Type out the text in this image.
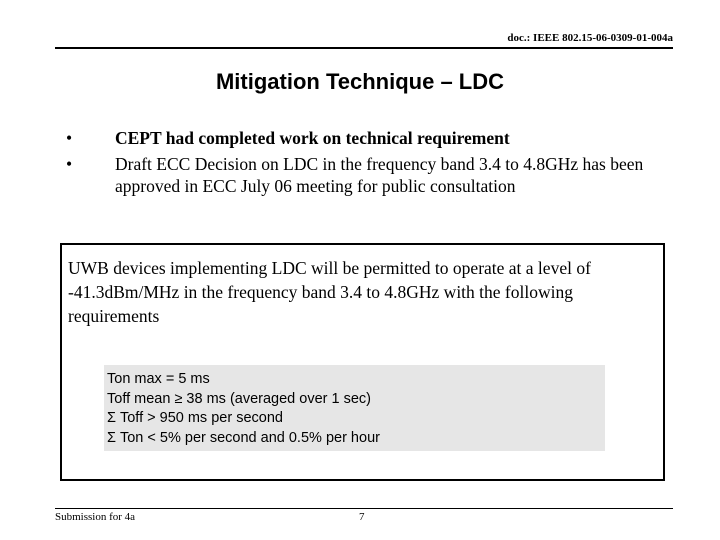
doc.: IEEE 802.15-06-0309-01-004a
Mitigation Technique – LDC
• CEPT had completed work on technical requirement
• Draft ECC Decision on LDC in the frequency band 3.4 to 4.8GHz has been approved in ECC July 06 meeting for public consultation
UWB devices implementing LDC will be permitted to operate at a level of -41.3dBm/MHz in the frequency band 3.4 to 4.8GHz with the following requirements
Ton max = 5 ms
Toff mean ≥ 38 ms (averaged over 1 sec)
Σ Toff > 950 ms per second
Σ Ton < 5% per second and 0.5% per hour
Submission for 4a	7
